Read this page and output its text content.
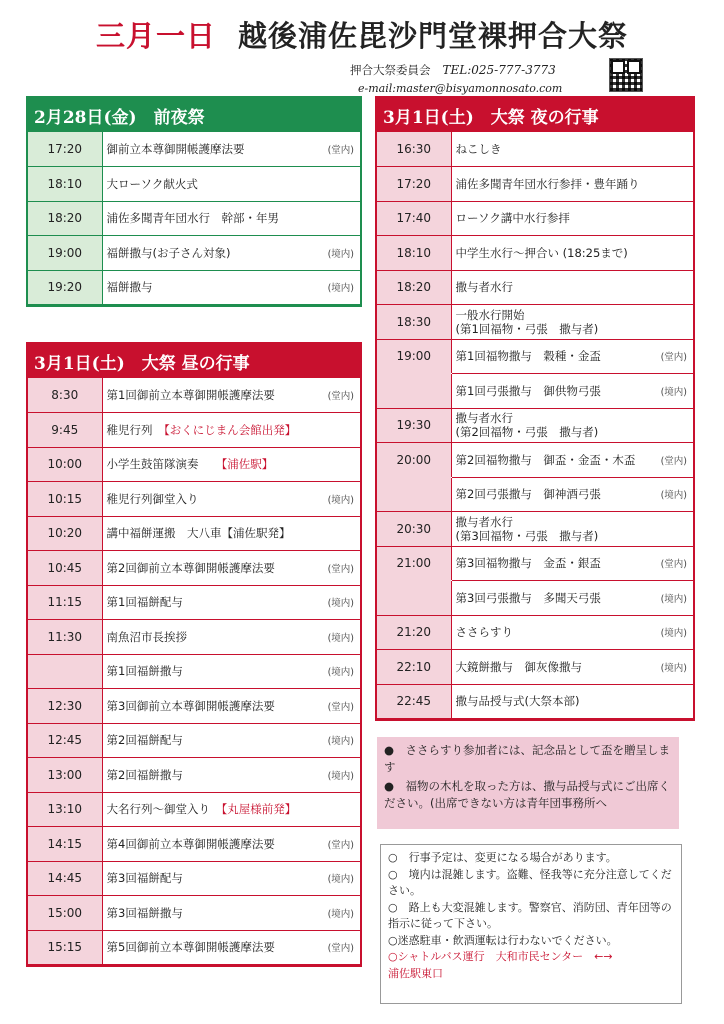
三月一日 越後浦佐毘沙門堂裸押合大祭
押合大祭委員会 TEL:025-777-3773
e-mail:master@bisyamonnosato.com
2月28日(金)　前夜祭
17:20	御前立本尊御開帳護摩法要	(堂内)
18:10	大ローソク献火式	
18:20	浦佐多聞青年団水行　幹部・年男	
19:00	福餅撒与(お子さん対象)	(境内)
19:20	福餅撒与	(境内)
3月1日(土)　大祭 昼の行事
8:30	第1回御前立本尊御開帳護摩法要	(堂内)
9:45	稚児行列　【おくにじまん会館出発】	
10:00	小学生鼓笛隊演奏　　【浦佐駅】	
10:15	稚児行列御堂入り	(境内)
10:20	講中福餅運搬　大八車【浦佐駅発】	
10:45	第2回御前立本尊御開帳護摩法要	(堂内)
11:15	第1回福餅配与	(境内)
11:30	南魚沼市長挨拶	(境内)
	第1回福餅撒与	(境内)
12:30	第3回御前立本尊御開帳護摩法要	(堂内)
12:45	第2回福餅配与	(境内)
13:00	第2回福餅撒与	(境内)
13:10	大名行列〜御堂入り　【丸屋様前発】	
14:15	第4回御前立本尊御開帳護摩法要	(堂内)
14:45	第3回福餅配与	(境内)
15:00	第3回福餅撒与	(境内)
15:15	第5回御前立本尊御開帳護摩法要	(堂内)
3月1日(土)　大祭 夜の行事
16:30	ねこしき	
17:20	浦佐多聞青年団水行参拝・豊年踊り	
17:40	ローソク講中水行参拝	
18:10	中学生水行〜押合い (18:25まで)	
18:20	撒与者水行	
18:30	一般水行開始
(第1回福物・弓張　撒与者)	
19:00	第1回福物撒与　穀種・金盃	(堂内)
	第1回弓張撒与　御供物弓張	(境内)
19:30	撒与者水行
(第2回福物・弓張　撒与者)	
20:00	第2回福物撒与　御盃・金盃・木盃	(堂内)
	第2回弓張撒与　御神酒弓張	(境内)
20:30	撒与者水行
(第3回福物・弓張　撒与者)	
21:00	第3回福物撒与　金盃・銀盃	(堂内)
	第3回弓張撒与　多聞天弓張	(境内)
21:20	ささらすり	(境内)
22:10	大鏡餅撒与　御灰像撒与	(境内)
22:45	撒与品授与式(大祭本部)	

●　ささらすり参加者には、記念品として盃を贈呈します

●　福物の木札を取った方は、撒与品授与式にご出席ください。(出席できない方は青年団事務所へ

○　行事予定は、変更になる場合があります。
○　境内は混雑します。盗難、怪我等に充分注意してください。
○　路上も大変混雑します。警察官、消防団、青年団等の指示に従って下さい。
○迷惑駐車・飲酒運転は行わないでください。
○シャトルバス運行　大和市民センター　←→
浦佐駅東口
